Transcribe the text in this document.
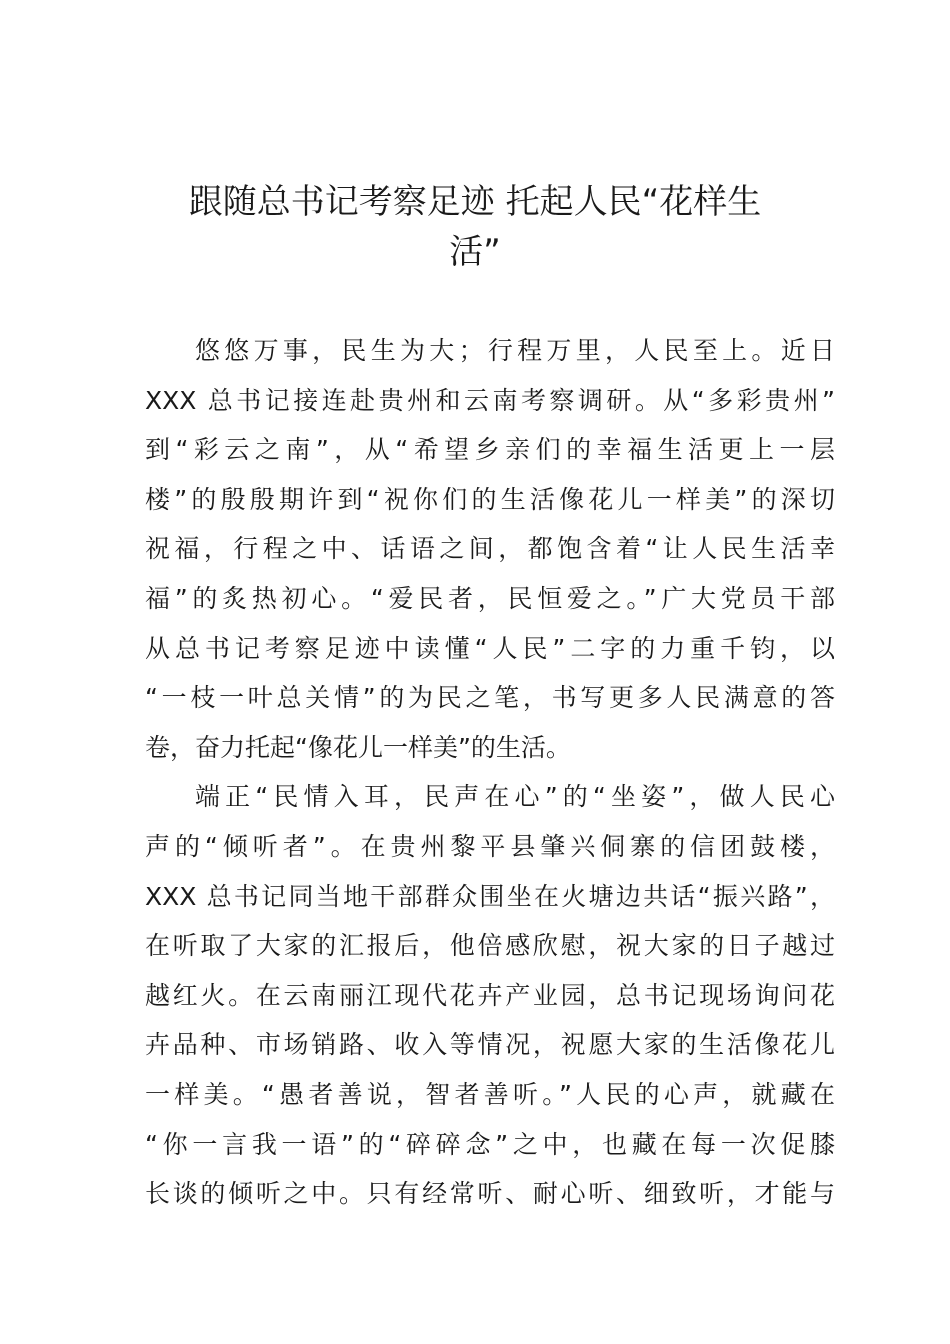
跟随总书记考察足迹 托起人民“花样生
活”
悠悠万事，民生为大；行程万里，人民至上。近日
XXX 总书记接连赴贵州和云南考察调研。从“多彩贵州”
到“彩云之南”，从“希望乡亲们的幸福生活更上一层
楼”的殷殷期许到“祝你们的生活像花儿一样美”的深切
祝福，行程之中、话语之间，都饱含着“让人民生活幸
福”的炙热初心。“爱民者，民恒爱之。”广大党员干部
从总书记考察足迹中读懂“人民”二字的力重千钧，以
“一枝一叶总关情”的为民之笔，书写更多人民满意的答
卷，奋力托起“像花儿一样美”的生活。
端正“民情入耳，民声在心”的“坐姿”，做人民心
声的“倾听者”。在贵州黎平县肇兴侗寨的信团鼓楼，
XXX 总书记同当地干部群众围坐在火塘边共话“振兴路”，
在听取了大家的汇报后，他倍感欣慰，祝大家的日子越过
越红火。在云南丽江现代花卉产业园，总书记现场询问花
卉品种、市场销路、收入等情况，祝愿大家的生活像花儿
一样美。“愚者善说，智者善听。”人民的心声，就藏在
“你一言我一语”的“碎碎念”之中，也藏在每一次促膝
长谈的倾听之中。只有经常听、耐心听、细致听，才能与
